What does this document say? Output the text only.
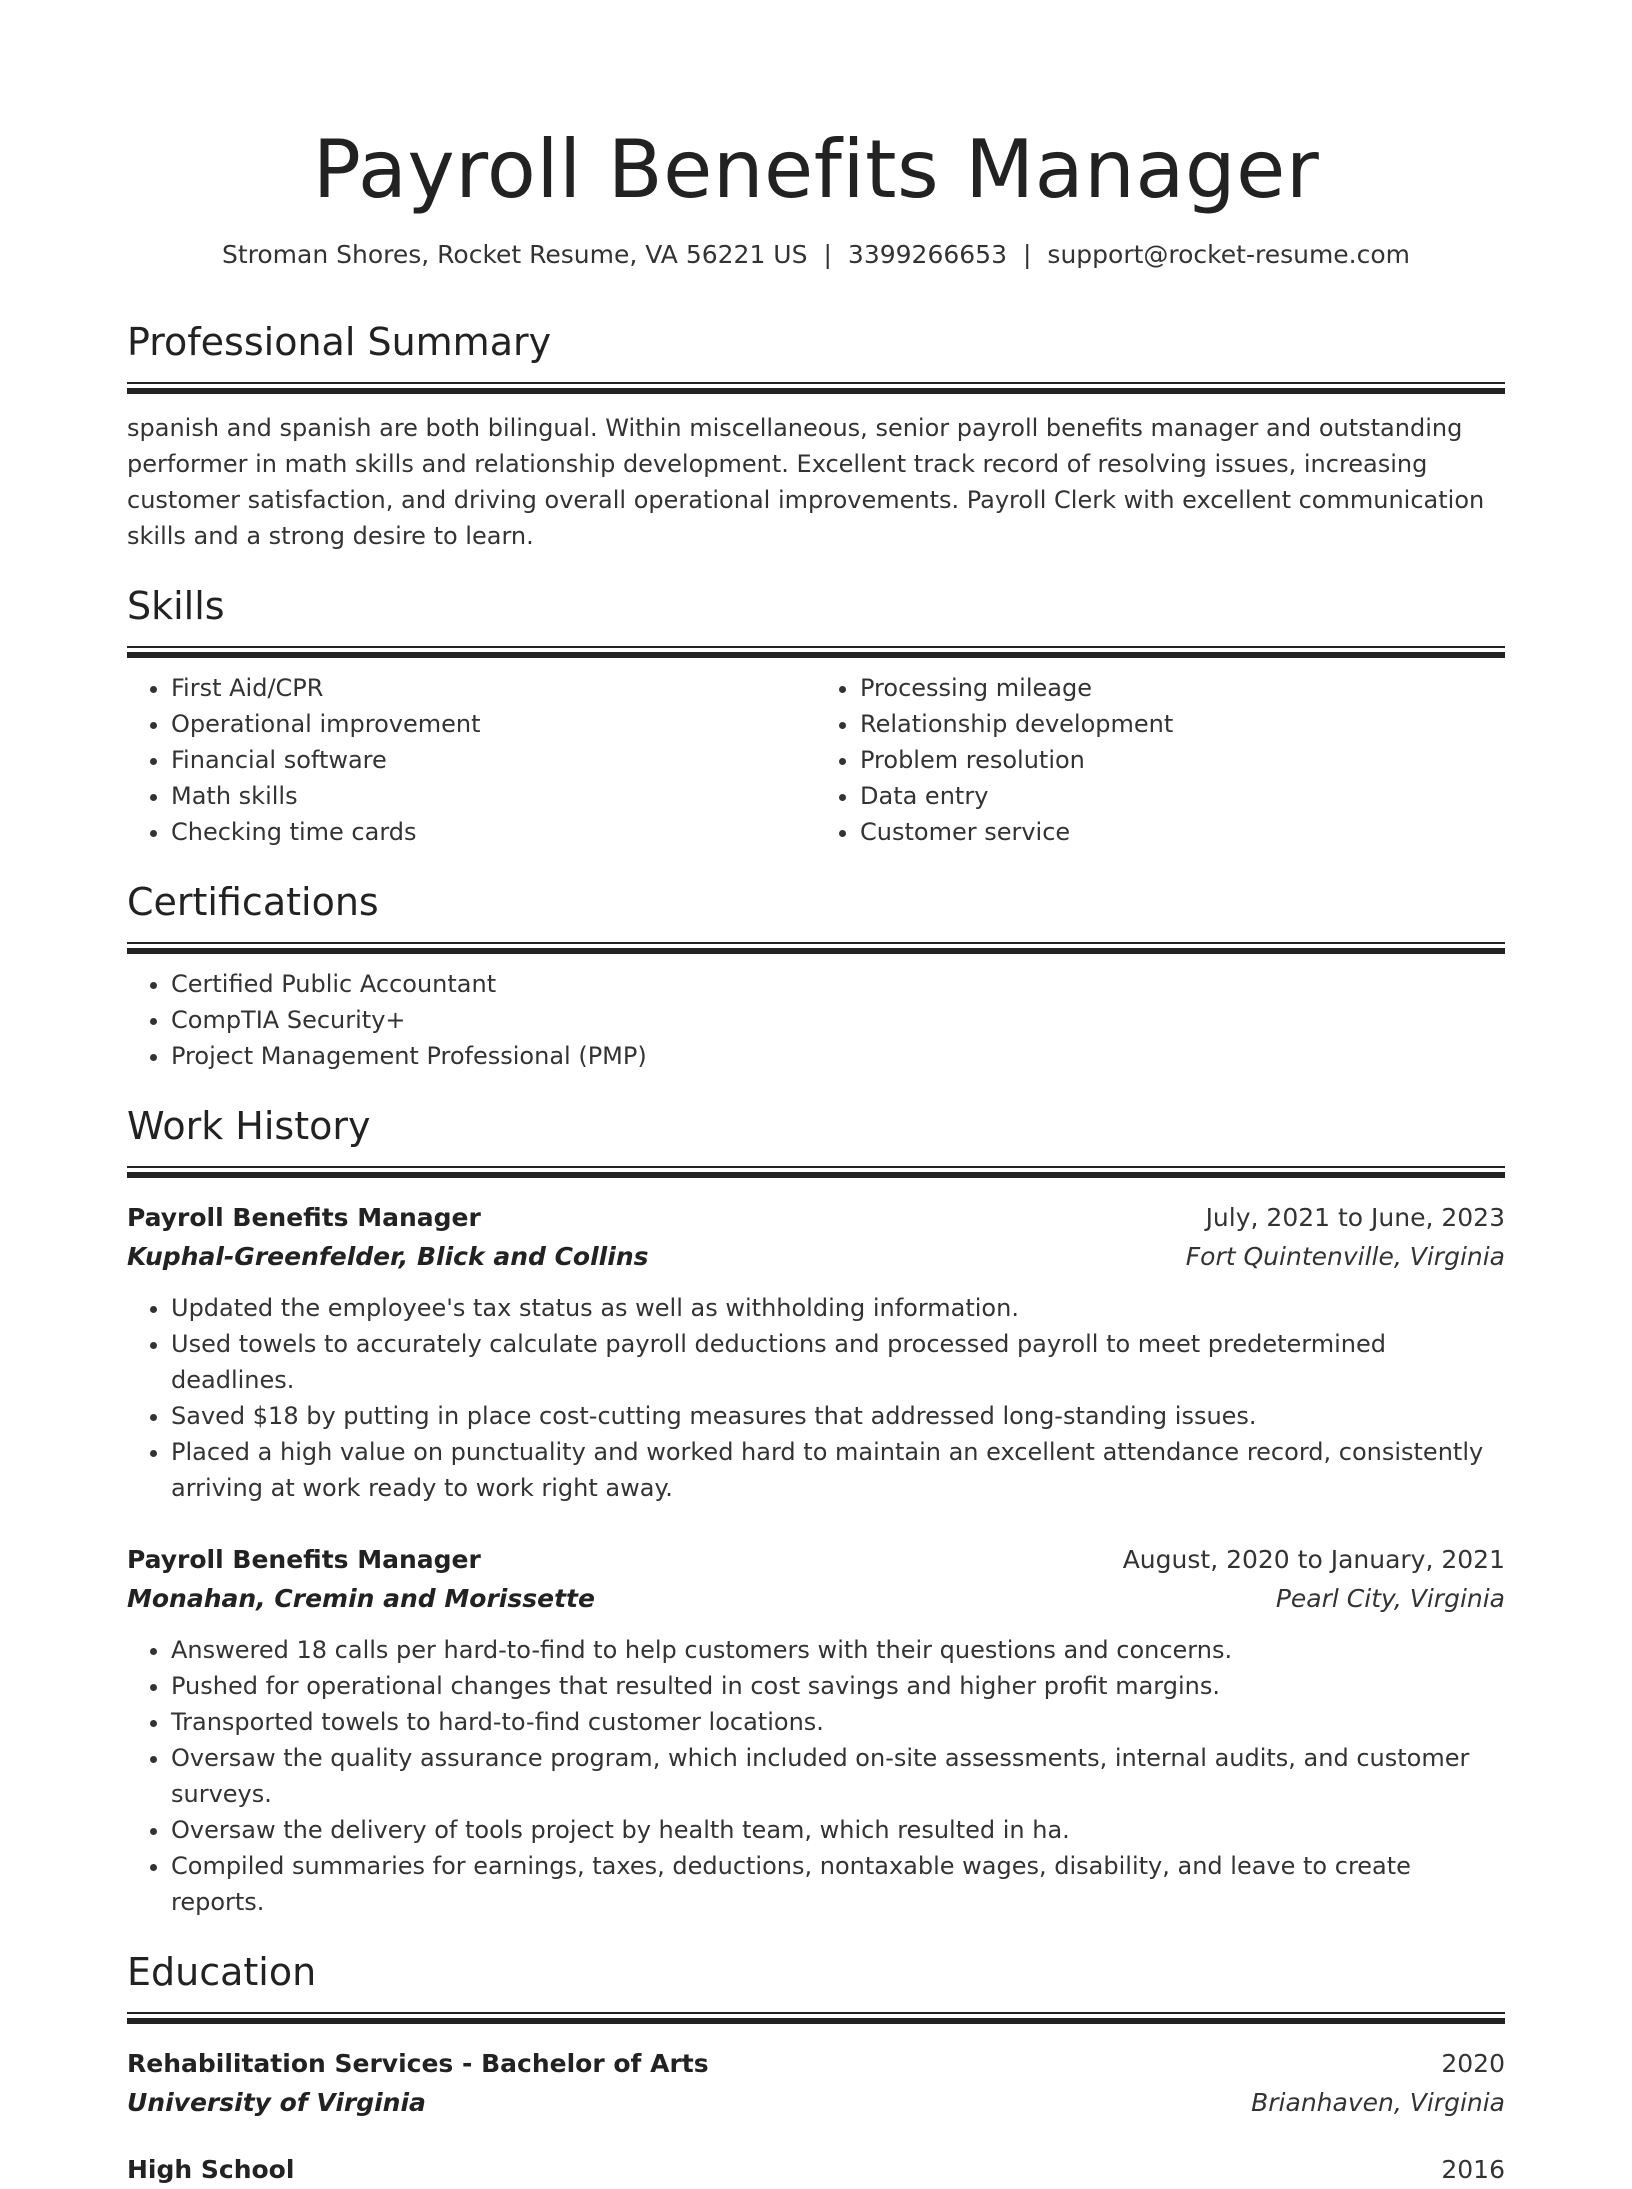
Payroll Benefits Manager
Stroman Shores, Rocket Resume, VA 56221 US | 3399266653 | support@rocket-resume.com
Professional Summary

spanish and spanish are both bilingual. Within miscellaneous, senior payroll benefits manager and outstanding performer in math skills and relationship development. Excellent track record of resolving issues, increasing customer satisfaction, and driving overall operational improvements. Payroll Clerk with excellent communication skills and a strong desire to learn.

Skills
• First Aid/CPR
• Operational improvement
• Financial software
• Math skills
• Checking time cards
• Processing mileage
• Relationship development
• Problem resolution
• Data entry
• Customer service
Certifications
• Certified Public Accountant
• CompTIA Security+
• Project Management Professional (PMP)
Work History
Payroll Benefits Manager	July, 2021 to June, 2023
Kuphal-Greenfelder, Blick and Collins	Fort Quintenville, Virginia
• Updated the employee's tax status as well as withholding information.
• Used towels to accurately calculate payroll deductions and processed payroll to meet predetermined deadlines.
• Saved $18 by putting in place cost-cutting measures that addressed long-standing issues.
• Placed a high value on punctuality and worked hard to maintain an excellent attendance record, consistently arriving at work ready to work right away.
Payroll Benefits Manager	August, 2020 to January, 2021
Monahan, Cremin and Morissette	Pearl City, Virginia
• Answered 18 calls per hard-to-find to help customers with their questions and concerns.
• Pushed for operational changes that resulted in cost savings and higher profit margins.
• Transported towels to hard-to-find customer locations.
• Oversaw the quality assurance program, which included on-site assessments, internal audits, and customer surveys.
• Oversaw the delivery of tools project by health team, which resulted in ha.
• Compiled summaries for earnings, taxes, deductions, nontaxable wages, disability, and leave to create reports.
Education
Rehabilitation Services - Bachelor of Arts	2020
University of Virginia	Brianhaven, Virginia
High School	2016
